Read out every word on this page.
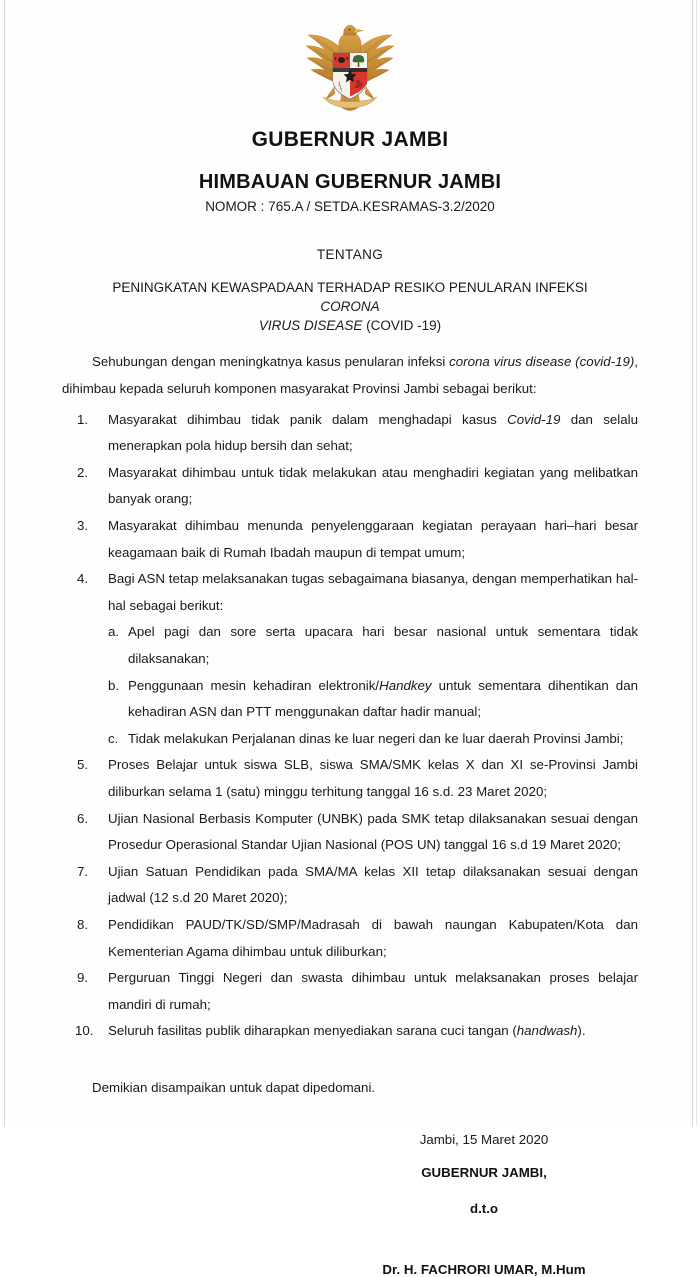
GUBERNUR JAMBI
HIMBAUAN GUBERNUR JAMBI
NOMOR : 765.A / SETDA.KESRAMAS-3.2/2020
TENTANG
PENINGKATAN KEWASPADAAN TERHADAP RESIKO PENULARAN INFEKSI CORONA
VIRUS DISEASE (COVID -19)
Sehubungan dengan meningkatnya kasus penularan infeksi corona virus disease (covid-19), dihimbau kepada seluruh komponen masyarakat Provinsi Jambi sebagai berikut:
1.	Masyarakat dihimbau tidak panik dalam menghadapi kasus Covid-19 dan selalu menerapkan pola hidup bersih dan sehat;
2.	Masyarakat dihimbau untuk tidak melakukan atau menghadiri kegiatan yang melibatkan banyak orang;
3.	Masyarakat dihimbau menunda penyelenggaraan kegiatan perayaan hari–hari besar keagamaan baik di Rumah Ibadah maupun di tempat umum;
4.	Bagi ASN tetap melaksanakan tugas sebagaimana biasanya, dengan memperhatikan hal-hal sebagai berikut:
a. Apel pagi dan sore serta upacara hari besar nasional untuk sementara tidak dilaksanakan;
b. Penggunaan mesin kehadiran elektronik/Handkey untuk sementara dihentikan dan kehadiran ASN dan PTT menggunakan daftar hadir manual;
c. Tidak melakukan Perjalanan dinas ke luar negeri dan ke luar daerah Provinsi Jambi;
5.	Proses Belajar untuk siswa SLB, siswa SMA/SMK kelas X dan XI se-Provinsi Jambi diliburkan selama 1 (satu) minggu terhitung tanggal 16 s.d. 23 Maret 2020;
6.	Ujian Nasional Berbasis Komputer (UNBK) pada SMK tetap dilaksanakan sesuai dengan Prosedur Operasional Standar Ujian Nasional (POS UN) tanggal 16 s.d 19 Maret 2020;
7.	Ujian Satuan Pendidikan pada SMA/MA kelas XII tetap dilaksanakan sesuai dengan jadwal (12 s.d 20 Maret 2020);
8.	Pendidikan PAUD/TK/SD/SMP/Madrasah di bawah naungan Kabupaten/Kota dan Kementerian Agama dihimbau untuk diliburkan;
9.	Perguruan Tinggi Negeri dan swasta dihimbau untuk melaksanakan proses belajar mandiri di rumah;
10.	Seluruh fasilitas publik diharapkan menyediakan sarana cuci tangan (handwash).
Demikian disampaikan untuk dapat dipedomani.
Jambi, 15 Maret 2020
GUBERNUR JAMBI,
d.t.o
Dr. H. FACHRORI UMAR, M.Hum
